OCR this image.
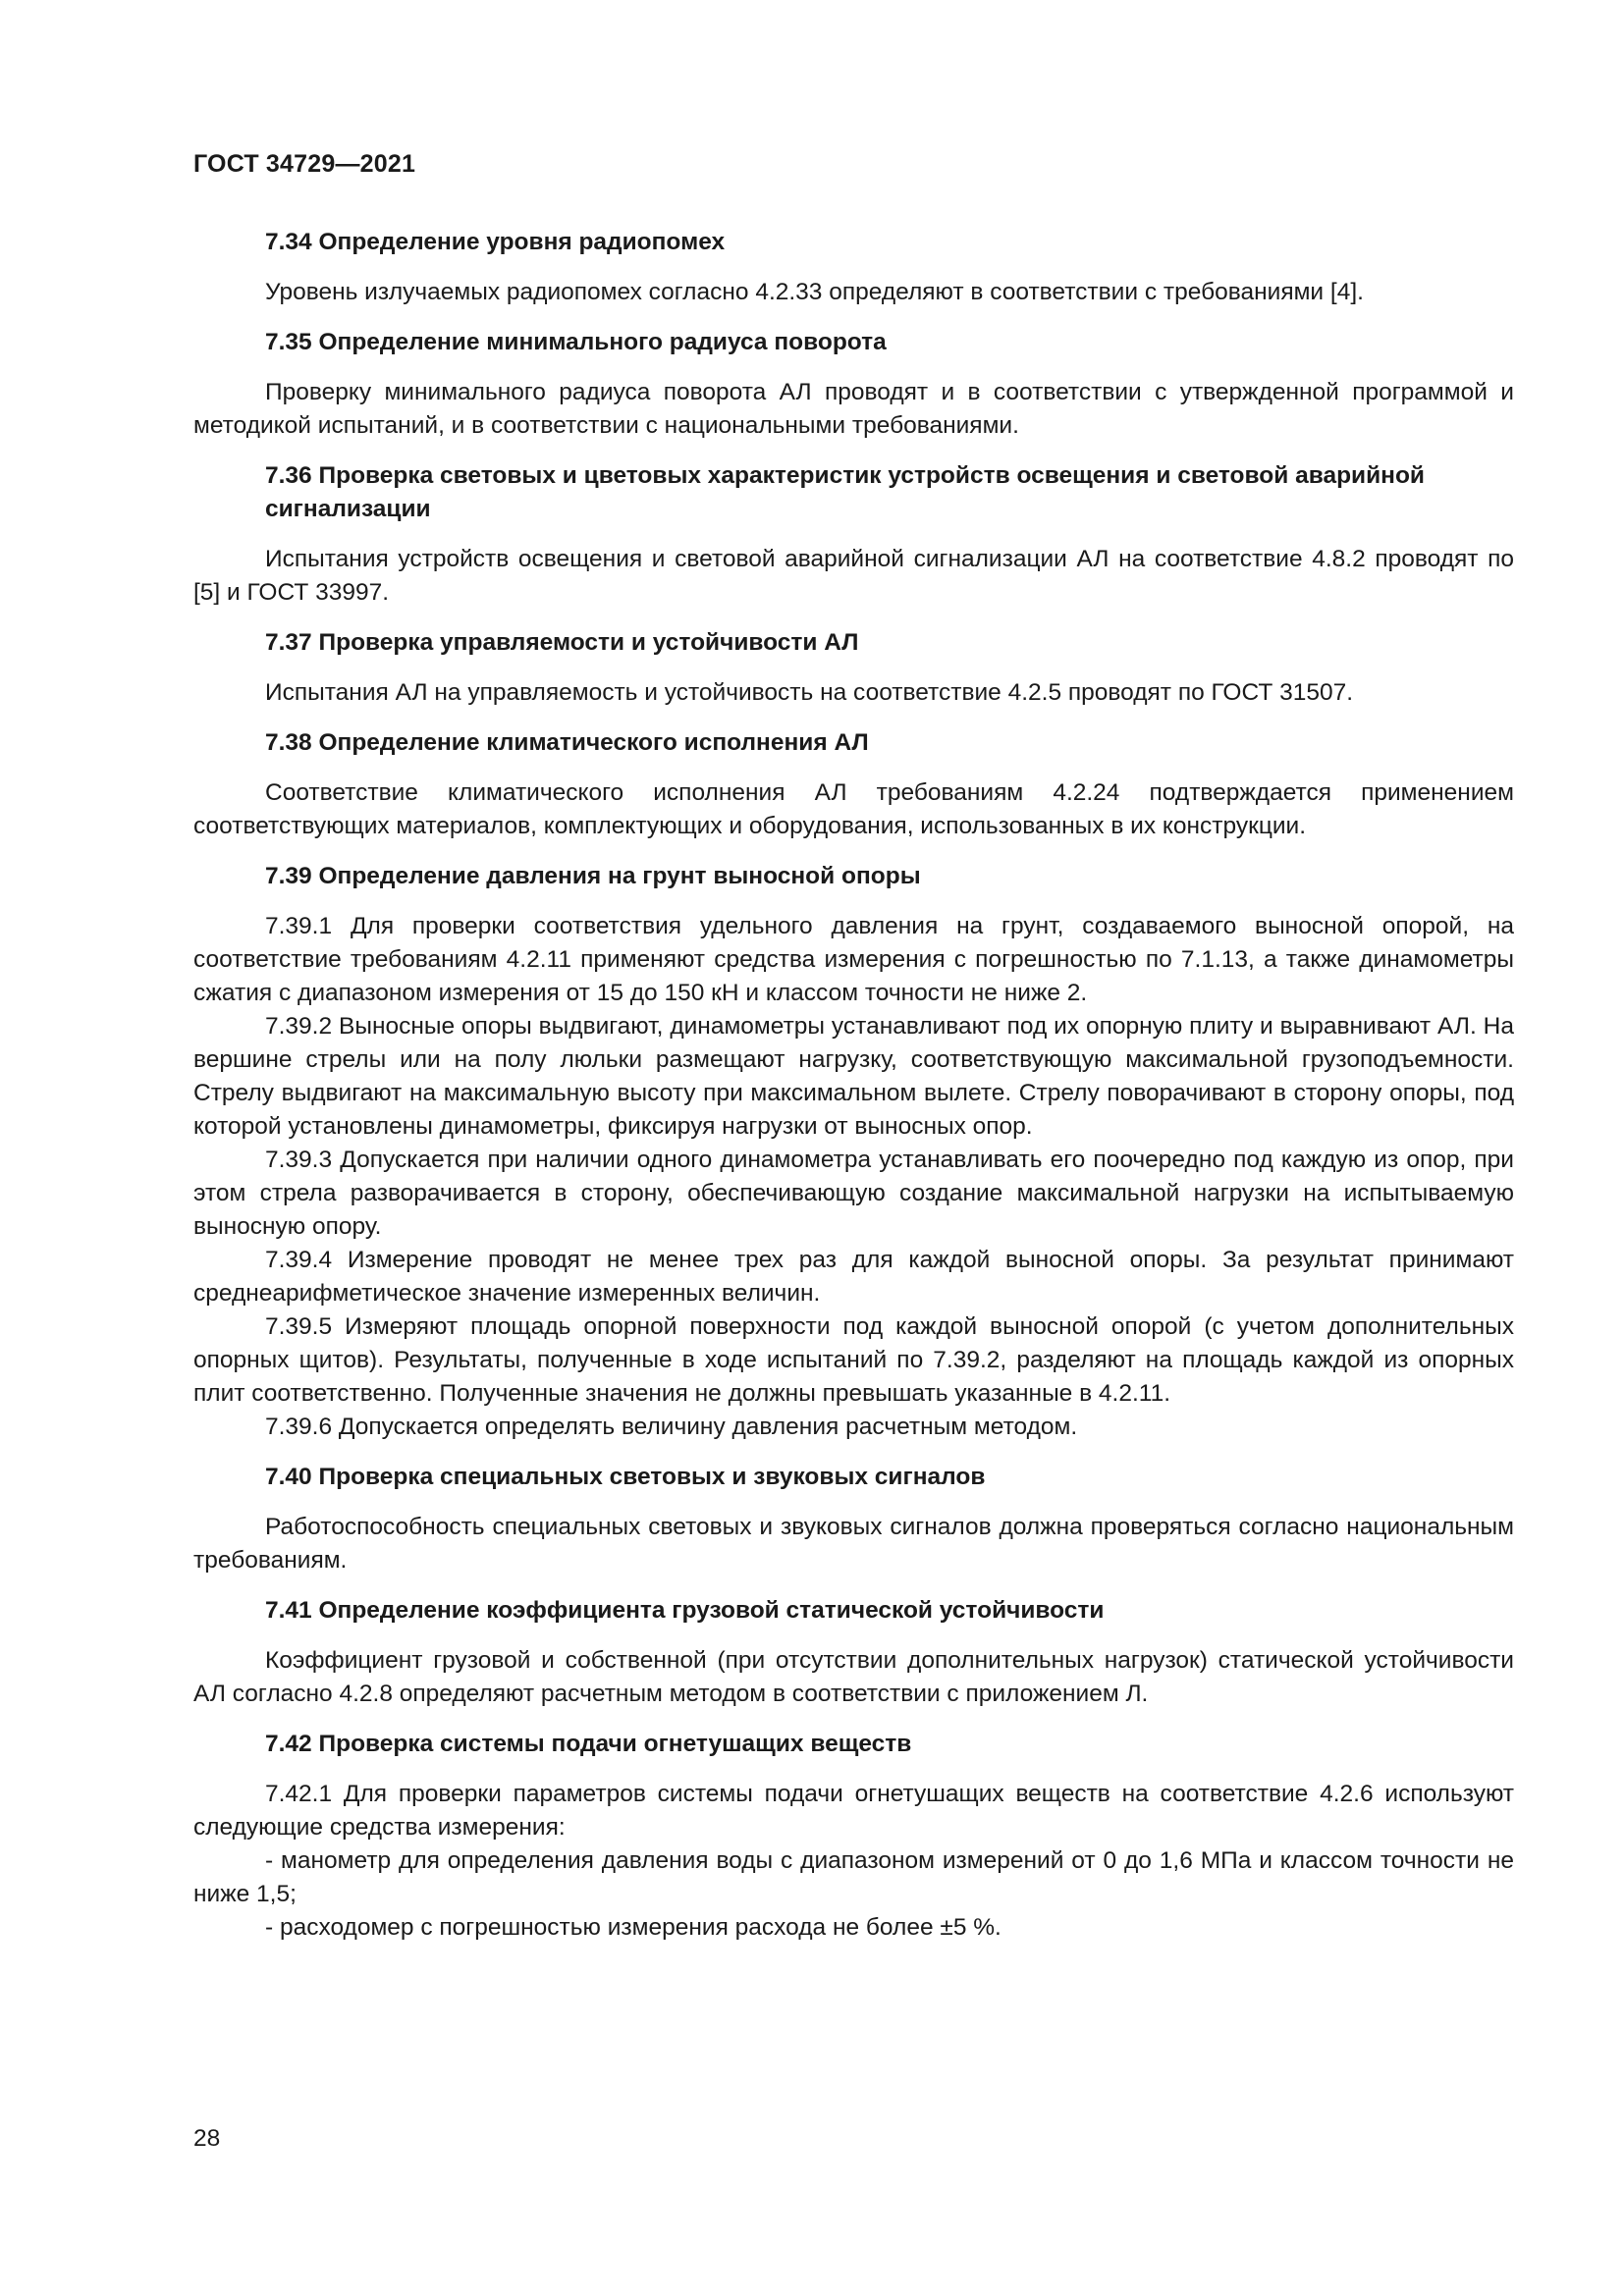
ГОСТ 34729—2021
7.34 Определение уровня радиопомех

Уровень излучаемых радиопомех согласно 4.2.33 определяют в соответствии с требованиями [4].

7.35 Определение минимального радиуса поворота

Проверку минимального радиуса поворота АЛ проводят и в соответствии с утвержденной программой и методикой испытаний, и в соответствии с национальными требованиями.

7.36 Проверка световых и цветовых характеристик устройств освещения и световой аварийной сигнализации

Испытания устройств освещения и световой аварийной сигнализации АЛ на соответствие 4.8.2 проводят по [5] и ГОСТ 33997.

7.37 Проверка управляемости и устойчивости АЛ

Испытания АЛ на управляемость и устойчивость на соответствие 4.2.5 проводят по ГОСТ 31507.

7.38 Определение климатического исполнения АЛ

Соответствие климатического исполнения АЛ требованиям 4.2.24 подтверждается применением соответствующих материалов, комплектующих и оборудования, использованных в их конструкции.

7.39 Определение давления на грунт выносной опоры

7.39.1 Для проверки соответствия удельного давления на грунт, создаваемого выносной опорой, на соответствие требованиям 4.2.11 применяют средства измерения с погрешностью по 7.1.13, а также динамометры сжатия с диапазоном измерения от 15 до 150 кН и классом точности не ниже 2.

7.39.2 Выносные опоры выдвигают, динамометры устанавливают под их опорную плиту и выравнивают АЛ. На вершине стрелы или на полу люльки размещают нагрузку, соответствующую максимальной грузоподъемности. Стрелу выдвигают на максимальную высоту при максимальном вылете. Стрелу поворачивают в сторону опоры, под которой установлены динамометры, фиксируя нагрузки от выносных опор.

7.39.3 Допускается при наличии одного динамометра устанавливать его поочередно под каждую из опор, при этом стрела разворачивается в сторону, обеспечивающую создание максимальной нагрузки на испытываемую выносную опору.

7.39.4 Измерение проводят не менее трех раз для каждой выносной опоры. За результат принимают среднеарифметическое значение измеренных величин.

7.39.5 Измеряют площадь опорной поверхности под каждой выносной опорой (с учетом дополнительных опорных щитов). Результаты, полученные в ходе испытаний по 7.39.2, разделяют на площадь каждой из опорных плит соответственно. Полученные значения не должны превышать указанные в 4.2.11.

7.39.6 Допускается определять величину давления расчетным методом.

7.40 Проверка специальных световых и звуковых сигналов

Работоспособность специальных световых и звуковых сигналов должна проверяться согласно национальным требованиям.

7.41 Определение коэффициента грузовой статической устойчивости

Коэффициент грузовой и собственной (при отсутствии дополнительных нагрузок) статической устойчивости АЛ согласно 4.2.8 определяют расчетным методом в соответствии с приложением Л.

7.42 Проверка системы подачи огнетушащих веществ

7.42.1 Для проверки параметров системы подачи огнетушащих веществ на соответствие 4.2.6 используют следующие средства измерения:

- манометр для определения давления воды с диапазоном измерений от 0 до 1,6 МПа и классом точности не ниже 1,5;

- расходомер с погрешностью измерения расхода не более ±5 %.

28
